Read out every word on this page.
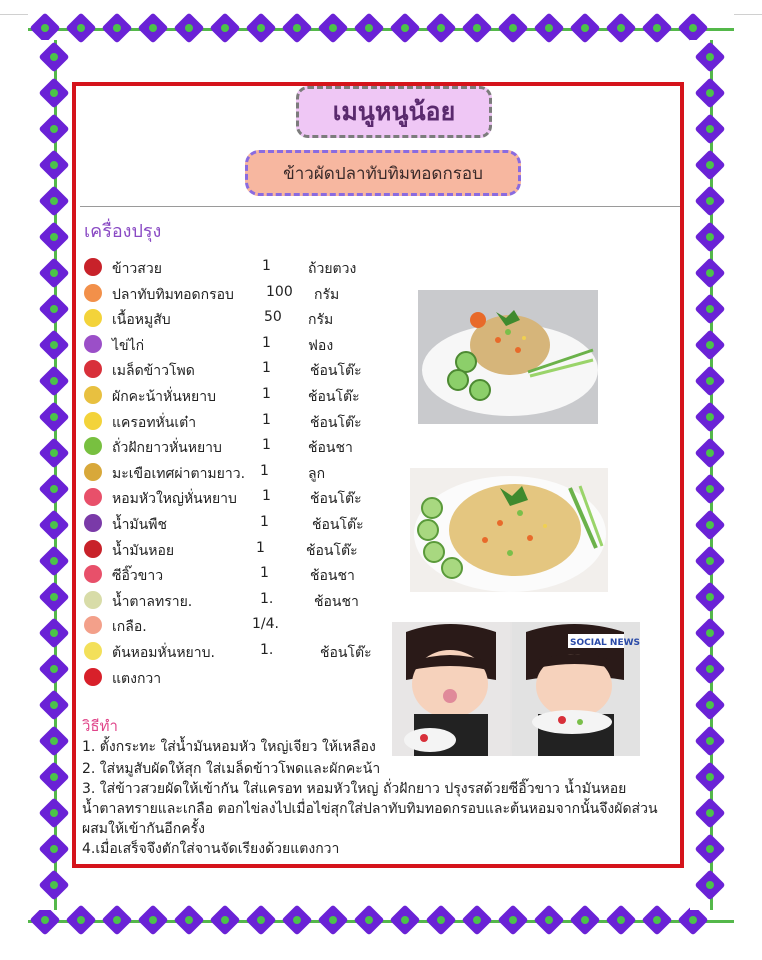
เมนูหนูน้อย
ข้าวผัดปลาทับทิมทอดกรอบ
เครื่องปรุง
ข้าวสวย	1	ถ้วยตวง
ปลาทับทิมทอดกรอบ 100 กรัม
เนื้อหมูสับ	50 กรัม
ไข่ไก่	1	ฟอง
เมล็ดข้าวโพด	1	ช้อนโต๊ะ
ผักคะน้าหั่นหยาบ	1	ช้อนโต๊ะ
แครอทหั่นเต๋า	1	ช้อนโต๊ะ
ถั่วฝักยาวหั่นหยาบ	1	ช้อนชา
มะเขือเทศผ่าตามยาว. 1	ลูก
หอมหัวใหญ่หั่นหยาบ 1	ช้อนโต๊ะ
น้ำมันพืช	1	ช้อนโต๊ะ
น้ำมันหอย	1	ช้อนโต๊ะ
ซีอิ๊วขาว	1	ช้อนชา
น้ำตาลทราย.	1.	ช้อนชา
เกลือ.	1/4.
ต้นหอมหั่นหยาบ.	1.	ช้อนโต๊ะ
แตงกวา
SOCIAL NEWS
วิธีทำ
1. ตั้งกระทะ ใส่น้ำมันหอมหัว ใหญ่เจียว ให้เหลือง
2. ใส่หมูสับผัดให้สุก ใส่เมล็ดข้าวโพดและผักคะน้า
3. ใส่ข้าวสวยผัดให้เข้ากัน ใส่แครอท หอมหัวใหญ่ ถั่วฝักยาว ปรุงรสด้วยซีอิ๊วขาว น้ำมันหอย
น้ำตาลทรายและเกลือ ตอกไข่ลงไปเมื่อไข่สุกใส่ปลาทับทิมทอดกรอบและต้นหอมจากนั้นจึงผัดส่วน
ผสมให้เข้ากันอีกครั้ง
4.เมื่อเสร็จจึงตักใส่จานจัดเรียงด้วยแตงกวา
